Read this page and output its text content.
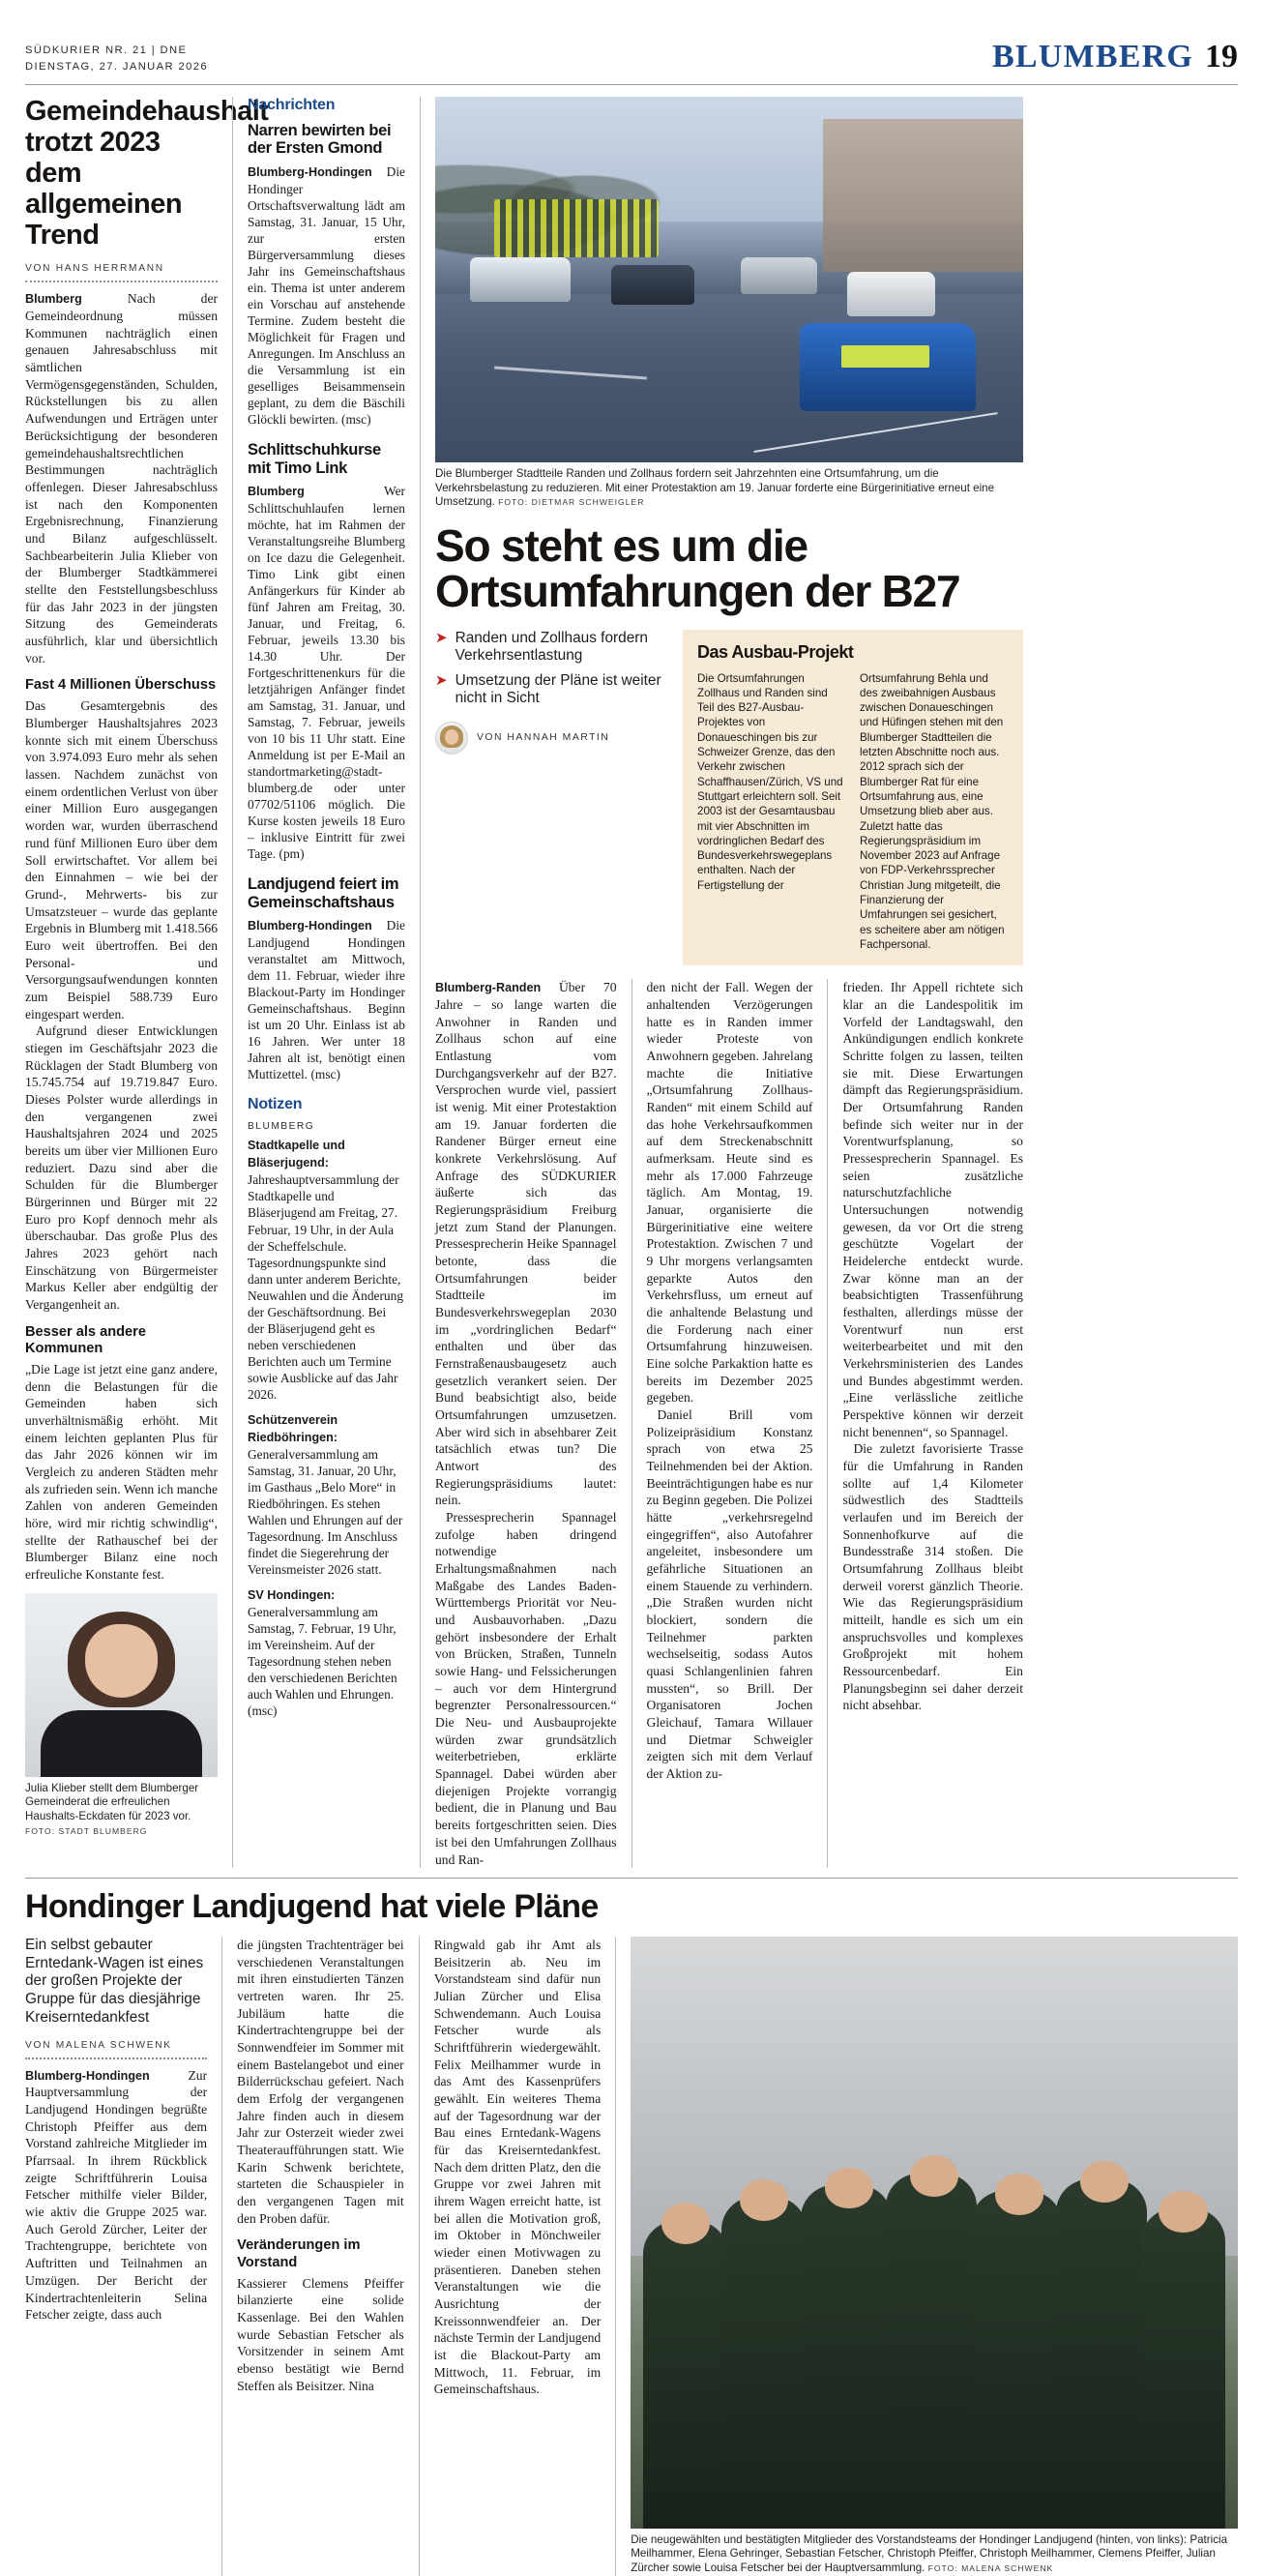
SÜDKURIER NR. 21 | DNE
DIENSTAG, 27. JANUAR 2026	BLUMBERG 19
Gemeindehaushalt trotzt 2023 dem allgemeinen Trend
VON HANS HERRMANN

Blumberg	Nach der Gemeindeordnung müssen Kommunen nachträglich einen genauen Jahresabschluss mit sämtlichen Vermögensgegenständen, Schulden, Rückstellungen bis zu allen Aufwendungen und Erträgen unter Berücksichtigung der besonderen gemeindehaushaltsrechtlichen Bestimmungen nachträglich offenlegen. Dieser Jahresabschluss ist nach den Komponenten Ergebnisrechnung, Finanzierung und Bilanz aufgeschlüsselt. Sachbearbeiterin Julia Klieber von der Blumberger Stadtkämmerei stellte den Feststellungsbeschluss für das Jahr 2023 in der jüngsten Sitzung des Gemeinderats ausführlich, klar und übersichtlich vor.

Fast 4 Millionen Überschuss

Das Gesamtergebnis des Blumberger Haushaltsjahres 2023 konnte sich mit einem Überschuss von 3.974.093 Euro mehr als sehen lassen. Nachdem zunächst von einem ordentlichen Verlust von über einer Million Euro ausgegangen worden war, wurden überraschend rund fünf Millionen Euro über dem Soll erwirtschaftet. Vor allem bei den Einnahmen – wie bei der Grund-, Mehrwerts- bis zur Umsatzsteuer – wurde das geplante Ergebnis in Blumberg mit 1.418.566 Euro weit übertroffen. Bei den Personal- und Versorgungsaufwendungen konnten zum Beispiel 588.739 Euro eingespart werden.

Aufgrund dieser Entwicklungen stiegen im Geschäftsjahr 2023 die Rücklagen der Stadt Blumberg von 15.745.754 auf 19.719.847 Euro. Dieses Polster wurde allerdings in den vergangenen zwei Haushaltsjahren 2024 und 2025 bereits um über vier Millionen Euro reduziert. Dazu sind aber die Schulden für die Blumberger Bürgerinnen und Bürger mit 22 Euro pro Kopf dennoch mehr als überschaubar. Das große Plus des Jahres 2023 gehört nach Einschätzung von Bürgermeister Markus Keller aber endgültig der Vergangenheit an.

Besser als andere Kommunen

„Die Lage ist jetzt eine ganz andere, denn die Belastungen für die Gemeinden haben sich unverhältnismäßig erhöht. Mit einem leichten geplanten Plus für das Jahr 2026 können wir im Vergleich zu anderen Städten mehr als zufrieden sein. Wenn ich manche Zahlen von anderen Gemeinden höre, wird mir richtig schwindlig“, stellte der Rathauschef bei der Blumberger Bilanz eine noch erfreuliche Konstante fest.

Julia Klieber stellt dem Blumberger Gemeinderat die erfreulichen Haushalts-Eckdaten für 2023 vor. FOTO: STADT BLUMBERG
Nachrichten
Narren bewirten bei der Ersten Gmond

Blumberg-Hondingen Die Hondinger Ortschaftsverwaltung lädt am Samstag, 31. Januar, 15 Uhr, zur ersten Bürgerversammlung dieses Jahr ins Gemeinschaftshaus ein. Thema ist unter anderem ein Vorschau auf anstehende Termine. Zudem besteht die Möglichkeit für Fragen und Anregungen. Im Anschluss an die Versammlung ist ein geselliges Beisammensein geplant, zu dem die Bäschili Glöckli bewirten. (msc)

Schlittschuhkurse mit Timo Link

Blumberg	Wer Schlittschuhlaufen lernen möchte, hat im Rahmen der Veranstaltungsreihe Blumberg on Ice dazu die Gelegenheit. Timo Link gibt einen Anfängerkurs für Kinder ab fünf Jahren am Freitag, 30. Januar, und Freitag, 6. Februar, jeweils 13.30 bis 14.30 Uhr. Der Fortgeschrittenenkurs für die letztjährigen Anfänger findet am Samstag, 31. Januar, und Samstag, 7. Februar, jeweils von 10 bis 11 Uhr statt. Eine Anmeldung ist per E-Mail an standortmarketing@stadt-blumberg.de oder unter 07702/51106 möglich. Die Kurse kosten jeweils 18 Euro – inklusive Eintritt für zwei Tage. (pm)

Landjugend feiert im Gemeinschaftshaus

Blumberg-Hondingen Die Landjugend Hondingen veranstaltet am Mittwoch, dem 11. Februar, wieder ihre Blackout-Party im Hondinger Gemeinschaftshaus. Beginn ist um 20 Uhr. Einlass ist ab 16 Jahren. Wer unter 18 Jahren alt ist, benötigt einen Muttizettel. (msc)

Notizen
BLUMBERG

Stadtkapelle und Bläserjugend: Jahreshauptversammlung der Stadtkapelle und Bläserjugend am Freitag, 27. Februar, 19 Uhr, in der Aula der Scheffelschule. Tagesordnungspunkte sind dann unter anderem Berichte, Neuwahlen und die Änderung der Geschäftsordnung. Bei der Bläserjugend geht es neben verschiedenen Berichten auch um Termine sowie Ausblicke auf das Jahr 2026.

Schützenverein Riedböhringen: Generalversammlung am Samstag, 31. Januar, 20 Uhr, im Gasthaus „Belo More“ in Riedböhringen. Es stehen Wahlen und Ehrungen auf der Tagesordnung. Im Anschluss findet die Siegerehrung der Vereinsmeister 2026 statt.

SV Hondingen: Generalversammlung am Samstag, 7. Februar, 19 Uhr, im Vereinsheim. Auf der Tagesordnung stehen neben den verschiedenen Berichten auch Wahlen und Ehrungen. (msc)

Die Blumberger Stadtteile Randen und Zollhaus fordern seit Jahrzehnten eine Ortsumfahrung, um die Verkehrsbelastung zu reduzieren. Mit einer Protestaktion am 19. Januar forderte eine Bürgerinitiative erneut eine Umsetzung. FOTO: DIETMAR SCHWEIGLER
So steht es um die Ortsumfahrungen der B27
➤ Randen und Zollhaus fordern Verkehrsentlastung
➤ Umsetzung der Pläne ist weiter nicht in Sicht
VON HANNAH MARTIN
Das Ausbau-Projekt

Die Ortsumfahrungen Zollhaus und Randen sind Teil des B27-Ausbau-Projektes von Donaueschingen bis zur Schweizer Grenze, das den Verkehr zwischen Schaffhausen/Zürich, VS und Stuttgart erleichtern soll. Seit 2003 ist der Gesamtausbau mit vier Abschnitten im vordringlichen Bedarf des Bundesverkehrswegeplans enthalten. Nach der Fertigstellung der

Ortsumfahrung Behla und des zweibahnigen Ausbaus zwischen Donaueschingen und Hüfingen stehen mit den Blumberger Stadtteilen die letzten Abschnitte noch aus. 2012 sprach sich der Blumberger Rat für eine Ortsumfahrung aus, eine Umsetzung blieb aber aus. Zuletzt hatte das Regierungspräsidium im November 2023 auf Anfrage von FDP-Verkehrssprecher Christian Jung mitgeteilt, die Finanzierung der Umfahrungen sei gesichert, es scheitere aber am nötigen Fachpersonal.

Blumberg-Randen Über 70 Jahre – so lange warten die Anwohner in Randen und Zollhaus schon auf eine Entlastung vom Durchgangsverkehr auf der B27. Versprochen wurde viel, passiert ist wenig. Mit einer Protestaktion am 19. Januar forderten die Randener Bürger erneut eine konkrete Verkehrslösung. Auf Anfrage des SÜDKURIER äußerte sich das Regierungspräsidium Freiburg jetzt zum Stand der Planungen. Pressesprecherin Heike Spannagel betonte, dass die Ortsumfahrungen beider Stadtteile im Bundesverkehrswegeplan 2030 im „vordringlichen Bedarf“ enthalten und über das Fernstraßenausbaugesetz auch gesetzlich verankert seien. Der Bund beabsichtigt also, beide Ortsumfahrungen umzusetzen. Aber wird sich in absehbarer Zeit tatsächlich etwas tun? Die Antwort des Regierungspräsidiums lautet: nein.

Pressesprecherin Spannagel zufolge haben dringend notwendige Erhaltungsmaßnahmen nach Maßgabe des Landes Baden-Württembergs Priorität vor Neu- und Ausbauvorhaben. „Dazu gehört insbesondere der Erhalt von Brücken, Straßen, Tunneln sowie Hang- und Felssicherungen – auch vor dem Hintergrund begrenzter Personalressourcen.“ Die Neu- und Ausbauprojekte würden zwar grundsätzlich weiterbetrieben, erklärte Spannagel. Dabei würden aber diejenigen Projekte vorrangig bedient, die in Planung und Bau bereits fortgeschritten seien. Dies ist bei den Umfahrungen Zollhaus und Ran-

den nicht der Fall. Wegen der anhaltenden Verzögerungen hatte es in Randen immer wieder Proteste von Anwohnern gegeben. Jahrelang machte die Initiative „Ortsumfahrung Zollhaus-Randen“ mit einem Schild auf das hohe Verkehrsaufkommen auf dem Streckenabschnitt aufmerksam. Heute sind es mehr als 17.000 Fahrzeuge täglich. Am Montag, 19. Januar, organisierte die Bürgerinitiative eine weitere Protestaktion. Zwischen 7 und 9 Uhr morgens verlangsamten geparkte Autos den Verkehrsfluss, um erneut auf die anhaltende Belastung und die Forderung nach einer Ortsumfahrung hinzuweisen. Eine solche Parkaktion hatte es bereits im Dezember 2025 gegeben.

Daniel Brill vom Polizeipräsidium Konstanz sprach von etwa 25 Teilnehmenden bei der Aktion. Beeinträchtigungen habe es nur zu Beginn gegeben. Die Polizei hätte „verkehrsregelnd eingegriffen“, also Autofahrer angeleitet, insbesondere um gefährliche Situationen an einem Stauende zu verhindern. „Die Straßen wurden nicht blockiert, sondern die Teilnehmer parkten wechselseitig, sodass Autos quasi Schlangenlinien fahren mussten“, so Brill. Der Organisatoren Jochen Gleichauf, Tamara Willauer und Dietmar Schweigler zeigten sich mit dem Verlauf der Aktion zu-

frieden. Ihr Appell richtete sich klar an die Landespolitik im Vorfeld der Landtagswahl, den Ankündigungen endlich konkrete Schritte folgen zu lassen, teilten sie mit. Diese Erwartungen dämpft das Regierungspräsidium. Der Ortsumfahrung Randen befinde sich weiter nur in der Vorentwurfsplanung, so Pressesprecherin Spannagel. Es seien zusätzliche naturschutzfachliche Untersuchungen notwendig gewesen, da vor Ort die streng geschützte Vogelart der Heidelerche entdeckt wurde. Zwar könne man an der beabsichtigten Trassenführung festhalten, allerdings müsse der Vorentwurf nun erst weiterbearbeitet und mit den Verkehrsministerien des Landes und Bundes abgestimmt werden. „Eine verlässliche zeitliche Perspektive können wir derzeit nicht benennen“, so Spannagel.

Die zuletzt favorisierte Trasse für die Umfahrung in Randen sollte auf 1,4 Kilometer südwestlich des Stadtteils verlaufen und im Bereich der Sonnenhofkurve auf die Bundesstraße 314 stoßen. Die Ortsumfahrung Zollhaus bleibt derweil vorerst gänzlich Theorie. Wie das Regierungspräsidium mitteilt, handle es sich um ein anspruchsvolles und komplexes Großprojekt mit hohem Ressourcenbedarf. Ein Planungsbeginn sei daher derzeit nicht absehbar.

Hondinger Landjugend hat viele Pläne
Ein selbst gebauter Erntedank-Wagen ist eines der großen Projekte der Gruppe für das diesjährige Kreiserntedankfest
VON MALENA SCHWENK

Blumberg-Hondingen	Zur Hauptversammlung der Landjugend Hondingen begrüßte Christoph Pfeiffer aus dem Vorstand zahlreiche Mitglieder im Pfarrsaal. In ihrem Rückblick zeigte Schriftführerin Louisa Fetscher mithilfe vieler Bilder, wie aktiv die Gruppe 2025 war. Auch Gerold Zürcher, Leiter der Trachtengruppe, berichtete von Auftritten und Teilnahmen an Umzügen. Der Bericht der Kindertrachtenleiterin Selina Fetscher zeigte, dass auch

die jüngsten Trachtenträger bei verschiedenen Veranstaltungen mit ihren einstudierten Tänzen vertreten waren. Ihr 25. Jubiläum hatte die Kindertrachtengruppe bei der Sonnwendfeier im Sommer mit einem Bastelangebot und einer Bilderrückschau gefeiert. Nach dem Erfolg der vergangenen Jahre finden auch in diesem Jahr zur Osterzeit wieder zwei Theateraufführungen statt. Wie Karin Schwenk berichtete, starteten die Schauspieler in den vergangenen Tagen mit den Proben dafür.

Veränderungen im Vorstand

Kassierer Clemens Pfeiffer bilanzierte eine solide Kassenlage. Bei den Wahlen wurde Sebastian Fetscher als Vorsitzender in seinem Amt ebenso bestätigt wie Bernd Steffen als Beisitzer. Nina

Ringwald gab ihr Amt als Beisitzerin ab. Neu im Vorstandsteam sind dafür nun Julian Zürcher und Elisa Schwendemann. Auch Louisa Fetscher wurde als Schriftführerin wiedergewählt. Felix Meilhammer wurde in das Amt des Kassenprüfers gewählt. Ein weiteres Thema auf der Tagesordnung war der Bau eines Erntedank-Wagens für das Kreiserntedankfest. Nach dem dritten Platz, den die Gruppe vor zwei Jahren mit ihrem Wagen erreicht hatte, ist bei allen die Motivation groß, im Oktober in Mönchweiler wieder einen Motivwagen zu präsentieren. Daneben stehen Veranstaltungen wie die Ausrichtung der Kreissonnwendfeier an. Der nächste Termin der Landjugend ist die Blackout-Party am Mittwoch, 11. Februar, im Gemeinschaftshaus.

Die neugewählten und bestätigten Mitglieder des Vorstandsteams der Hondinger Landjugend (hinten, von links): Patricia Meilhammer, Elena Gehringer, Sebastian Fetscher, Christoph Pfeiffer, Christoph Meilhammer, Clemens Pfeiffer, Julian Zürcher sowie Louisa Fetscher bei der Hauptversammlung. FOTO: MALENA SCHWENK
